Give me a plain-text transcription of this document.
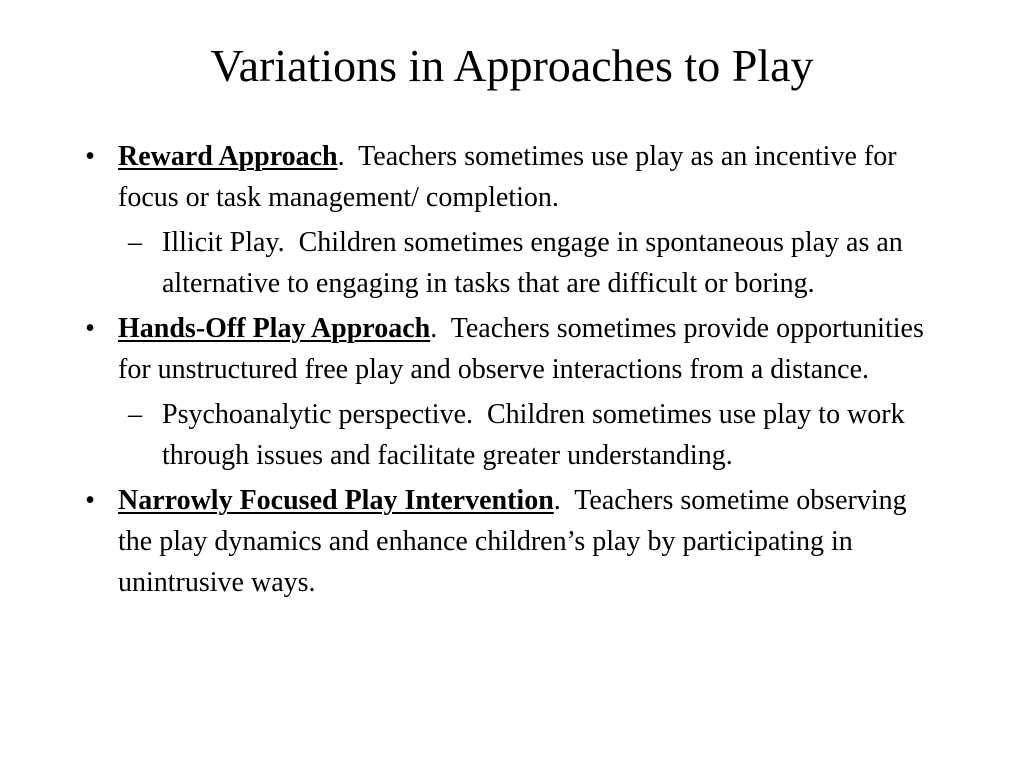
Variations in Approaches to Play
• Reward Approach.  Teachers sometimes use play as an incentive for focus or task management/ completion.
– Illicit Play.  Children sometimes engage in spontaneous play as an alternative to engaging in tasks that are difficult or boring.
• Hands-Off Play Approach.  Teachers sometimes provide opportunities for unstructured free play and observe interactions from a distance.
– Psychoanalytic perspective.  Children sometimes use play to work through issues and facilitate greater understanding.
• Narrowly Focused Play Intervention.  Teachers sometime observing the play dynamics and enhance children’s play by participating in unintrusive ways.
